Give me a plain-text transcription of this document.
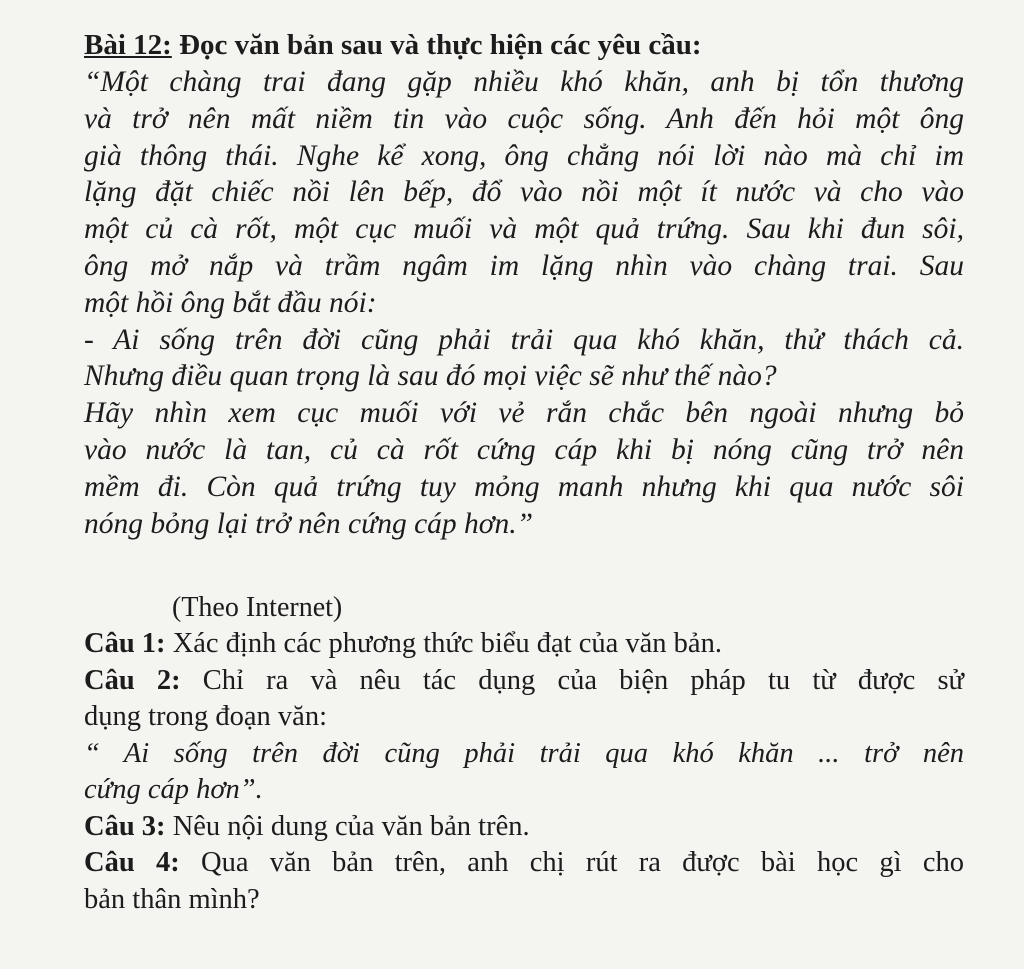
Bài 12: Đọc văn bản sau và thực hiện các yêu cầu:

“Một chàng trai đang gặp nhiều khó khăn, anh bị tổn thương
và trở nên mất niềm tin vào cuộc sống. Anh đến hỏi một ông
già thông thái. Nghe kể xong, ông chẳng nói lời nào mà chỉ im
lặng đặt chiếc nồi lên bếp, đổ vào nồi một ít nước và cho vào
một củ cà rốt, một cục muối và một quả trứng. Sau khi đun sôi,
ông mở nắp và trầm ngâm im lặng nhìn vào chàng trai. Sau
một hồi ông bắt đầu nói:
- Ai sống trên đời cũng phải trải qua khó khăn, thử thách cả.
Nhưng điều quan trọng là sau đó mọi việc sẽ như thế nào?
Hãy nhìn xem cục muối với vẻ rắn chắc bên ngoài nhưng bỏ
vào nước là tan, củ cà rốt cứng cáp khi bị nóng cũng trở nên
mềm đi. Còn quả trứng tuy mỏng manh nhưng khi qua nước sôi
nóng bỏng lại trở nên cứng cáp hơn.”

(Theo Internet)

Câu 1: Xác định các phương thức biểu đạt của văn bản.

Câu 2: Chỉ ra và nêu tác dụng của biện pháp tu từ được sử
dụng trong đoạn văn:
“ Ai sống trên đời cũng phải trải qua khó khăn ... trở nên
cứng cáp hơn”.

Câu 3: Nêu nội dung của văn bản trên.

Câu 4: Qua văn bản trên, anh chị rút ra được bài học gì cho
bản thân mình?
